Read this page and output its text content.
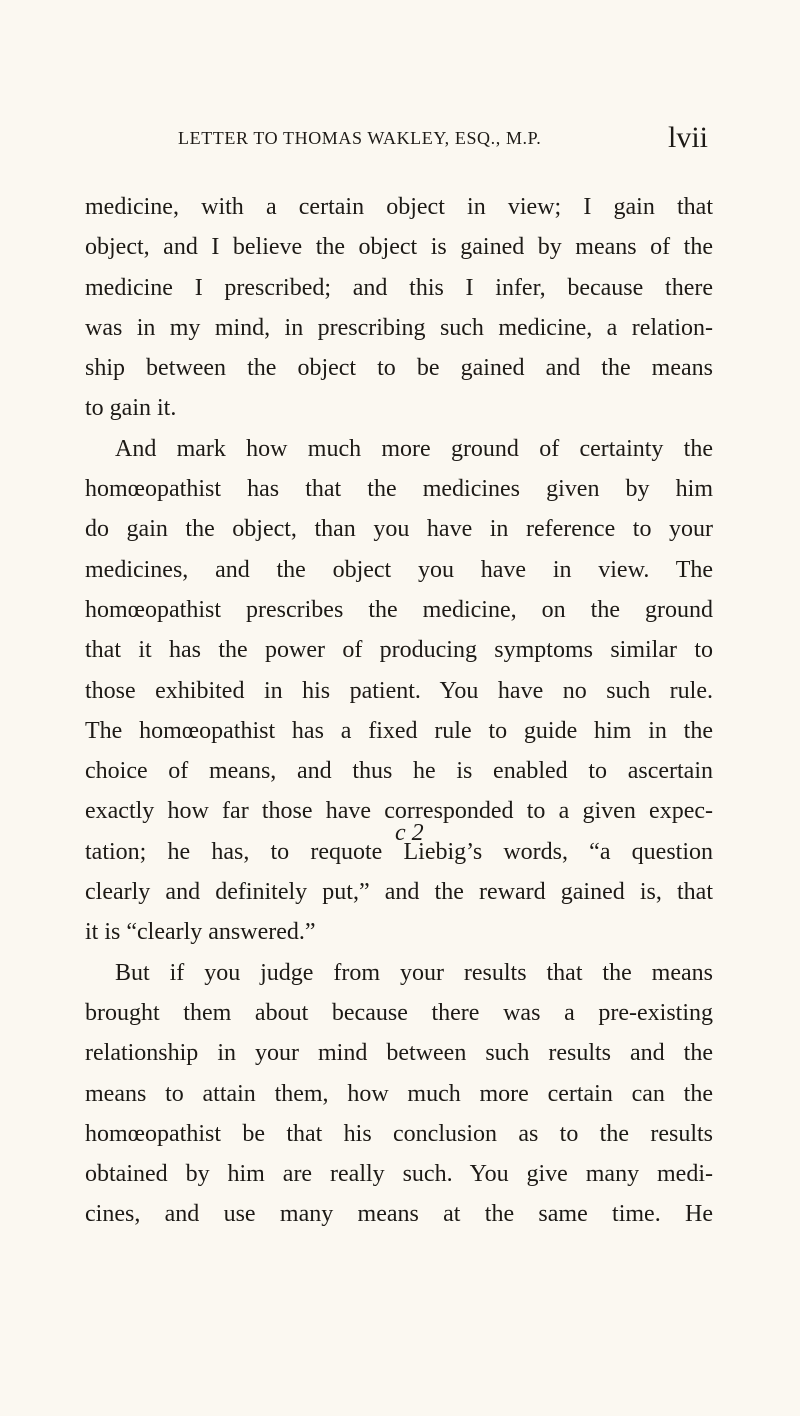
LETTER TO THOMAS WAKLEY, ESQ., M.P.	lvii
medicine, with a certain object in view; I gain that
object, and I believe the object is gained by means of the
medicine I prescribed; and this I infer, because there
was in my mind, in prescribing such medicine, a relation-
ship between the object to be gained and the means
to gain it.
And mark how much more ground of certainty the
homœopathist has that the medicines given by him
do gain the object, than you have in reference to your
medicines, and the object you have in view. The
homœopathist prescribes the medicine, on the ground
that it has the power of producing symptoms similar to
those exhibited in his patient. You have no such rule.
The homœopathist has a fixed rule to guide him in the
choice of means, and thus he is enabled to ascertain
exactly how far those have corresponded to a given expec-
tation; he has, to requote Liebig’s words, “a question
clearly and definitely put,” and the reward gained is, that
it is “clearly answered.”
But if you judge from your results that the means
brought them about because there was a pre-existing
relationship in your mind between such results and the
means to attain them, how much more certain can the
homœopathist be that his conclusion as to the results
obtained by him are really such. You give many medi-
cines, and use many means at the same time. He
c 2
